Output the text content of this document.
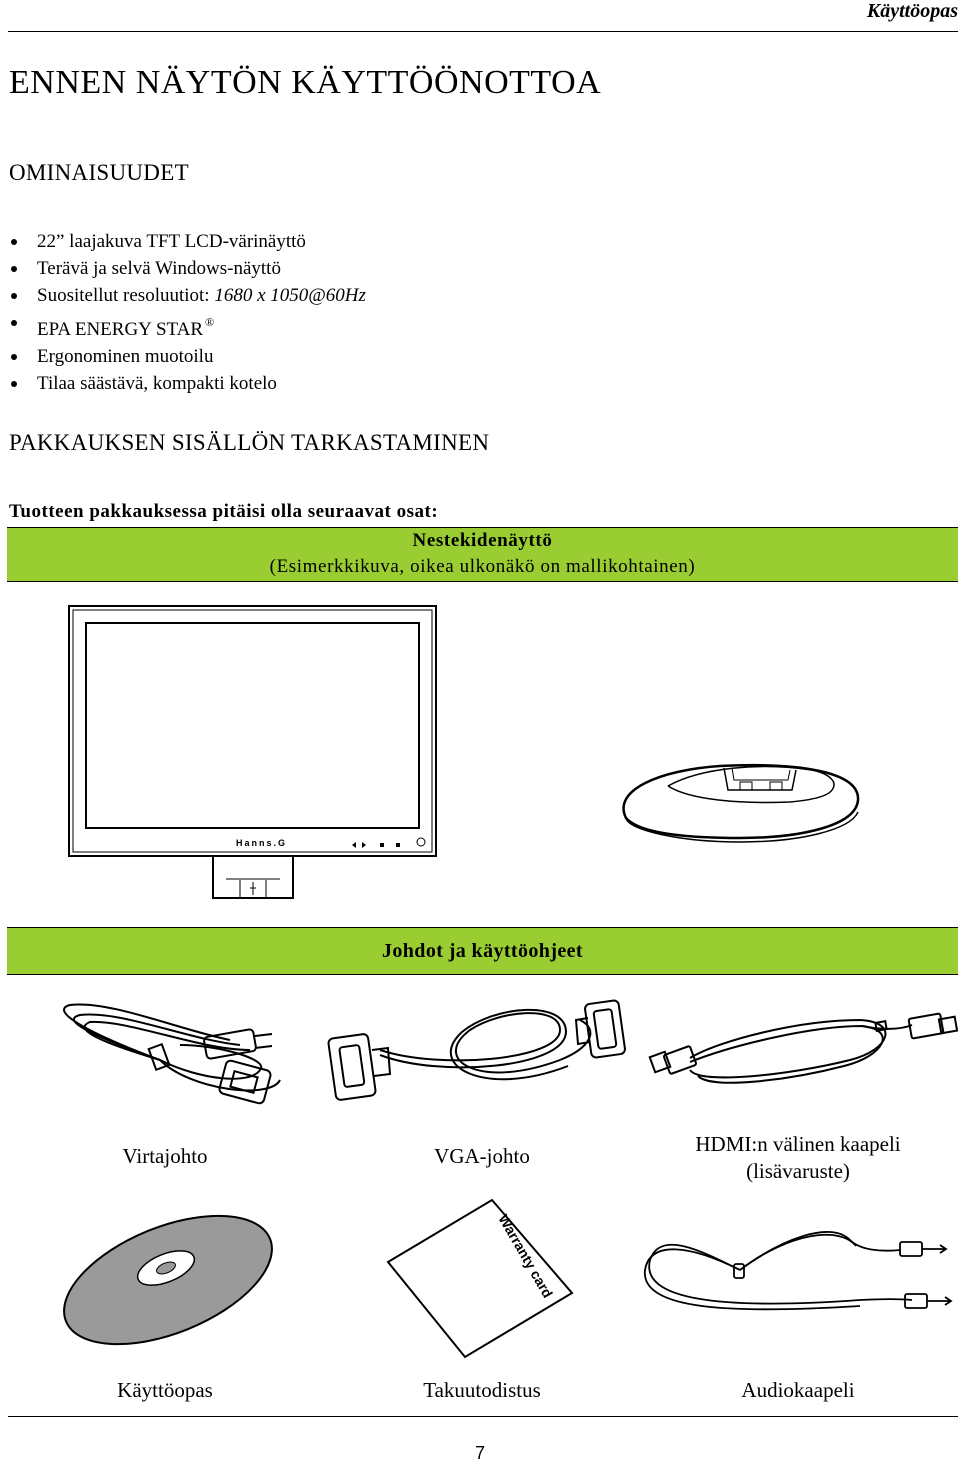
Käyttöopas
ENNEN NÄYTÖN KÄYTTÖÖNOTTOA
OMINAISUUDET
22” laajakuva TFT LCD-värinäyttö
Terävä ja selvä Windows-näyttö
Suositellut resoluutiot: 1680 x 1050@60Hz
EPA ENERGY STAR ®
Ergonominen muotoilu
Tilaa säästävä, kompakti kotelo
PAKKAUKSEN SISÄLLÖN TARKASTAMINEN
Tuotteen pakkauksessa pitäisi olla seuraavat osat:
Nestekidenäyttö
(Esimerkkikuva, oikea ulkonäkö on mallikohtainen)
Hanns.G
Johdot ja käyttöohjeet
Virtajohto	VGA-johto	HDMI:n välinen kaapeli
(lisävaruste)
Warranty card
Käyttöopas	Takuutodistus	Audiokaapeli
7
